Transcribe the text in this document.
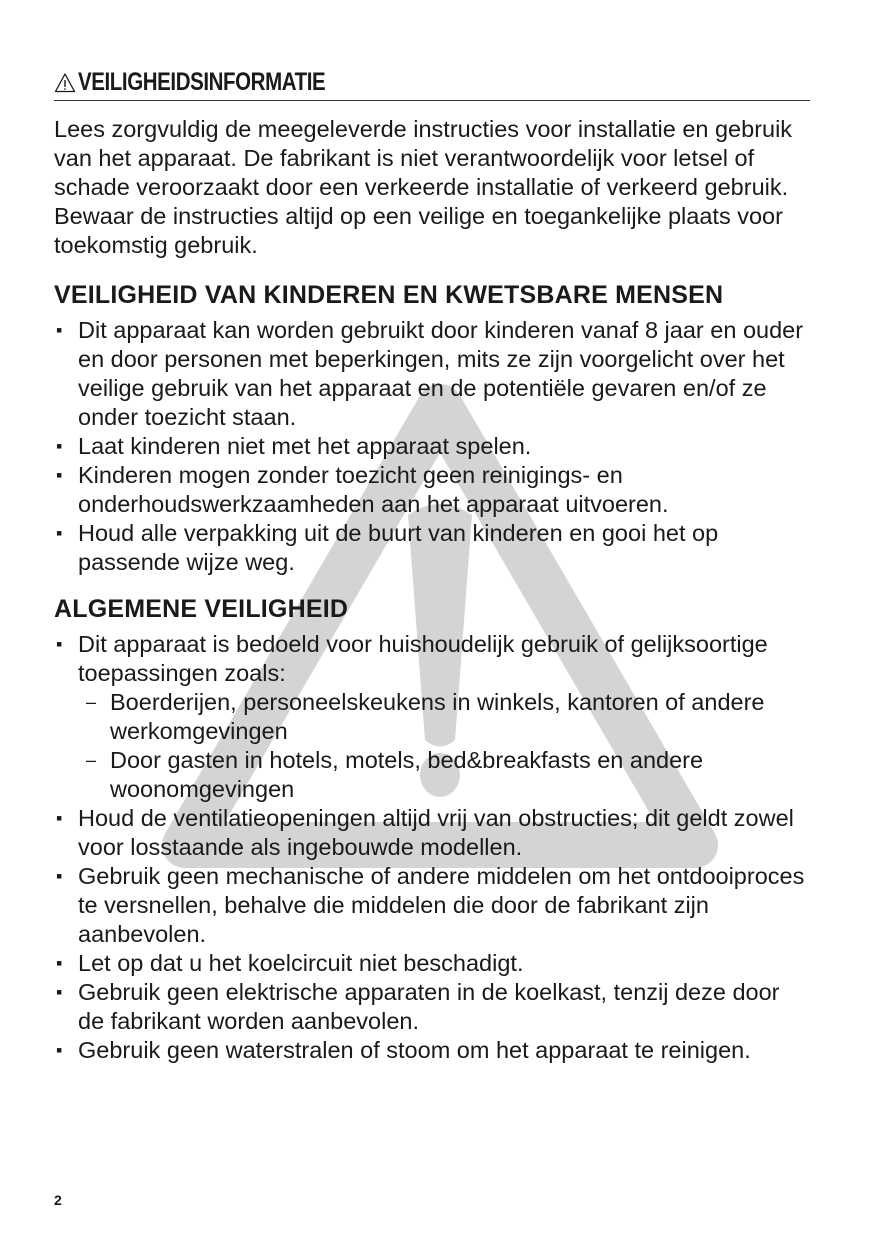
VEILIGHEIDSINFORMATIE

Lees zorgvuldig de meegeleverde instructies voor installatie en gebruik van het apparaat. De fabrikant is niet verantwoordelijk voor letsel of schade veroorzaakt door een verkeerde installatie of verkeerd gebruik. Bewaar de instructies altijd op een veilige en toegankelijke plaats voor toekomstig gebruik.

VEILIGHEID VAN KINDEREN EN KWETSBARE MENSEN
▪ Dit apparaat kan worden gebruikt door kinderen vanaf 8 jaar en ouder en door personen met beperkingen, mits ze zijn voorgelicht over het veilige gebruik van het apparaat en de potentiële gevaren en/of ze onder toezicht staan.
▪ Laat kinderen niet met het apparaat spelen.
▪ Kinderen mogen zonder toezicht geen reinigings- en onderhoudswerkzaamheden aan het apparaat uitvoeren.
▪ Houd alle verpakking uit de buurt van kinderen en gooi het op passende wijze weg.
ALGEMENE VEILIGHEID
▪ Dit apparaat is bedoeld voor huishoudelijk gebruik of gelijksoortige toepassingen zoals:
– Boerderijen, personeelskeukens in winkels, kantoren of andere werkomgevingen
– Door gasten in hotels, motels, bed&breakfasts en andere woonomgevingen
▪ Houd de ventilatieopeningen altijd vrij van obstructies; dit geldt zowel voor losstaande als ingebouwde modellen.
▪ Gebruik geen mechanische of andere middelen om het ontdooiproces te versnellen, behalve die middelen die door de fabrikant zijn aanbevolen.
▪ Let op dat u het koelcircuit niet beschadigt.
▪ Gebruik geen elektrische apparaten in de koelkast, tenzij deze door de fabrikant worden aanbevolen.
▪ Gebruik geen waterstralen of stoom om het apparaat te reinigen.
2
